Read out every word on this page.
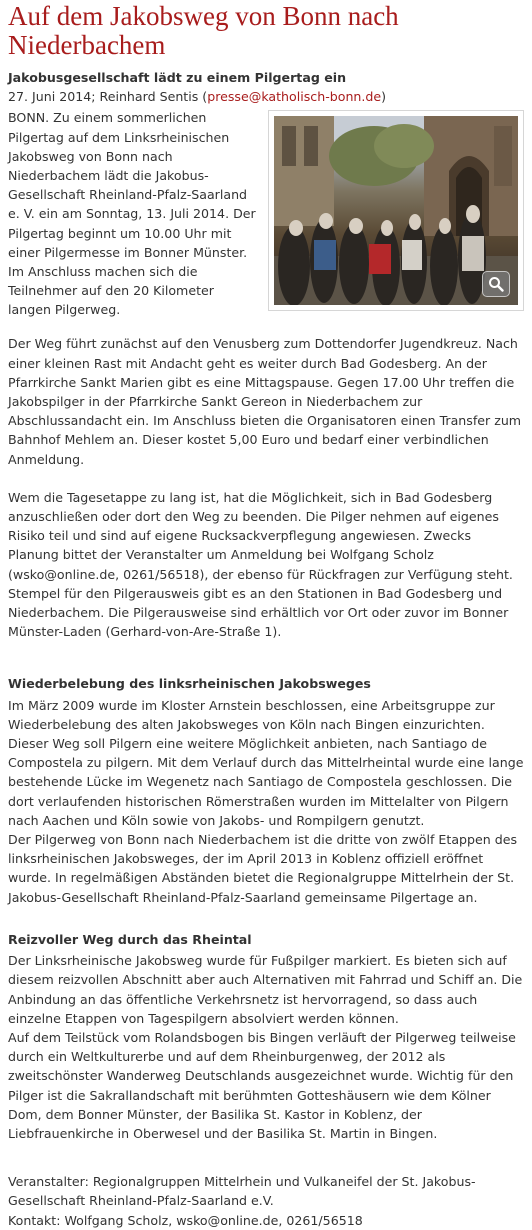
Auf dem Jakobsweg von Bonn nach Niederbachem

Jakobusgesellschaft lädt zu einem Pilgertag ein

27. Juni 2014; Reinhard Sentis (presse@katholisch-bonn.de)

BONN. Zu einem sommerlichen Pilgertag auf dem Linksrheinischen Jakobsweg von Bonn nach Niederbachem lädt die Jakobus-Gesellschaft Rheinland-Pfalz-Saarland e. V. ein am Sonntag, 13. Juli 2014. Der Pilgertag beginnt um 10.00 Uhr mit einer Pilgermesse im Bonner Münster. Im Anschluss machen sich die Teilnehmer auf den 20 Kilometer langen Pilgerweg.

Der Weg führt zunächst auf den Venusberg zum Dottendorfer Jugendkreuz. Nach einer kleinen Rast mit Andacht geht es weiter durch Bad Godesberg. An der Pfarrkirche Sankt Marien gibt es eine Mittagspause. Gegen 17.00 Uhr treffen die Jakobspilger in der Pfarrkirche Sankt Gereon in Niederbachem zur Abschlussandacht ein. Im Anschluss bieten die Organisatoren einen Transfer zum Bahnhof Mehlem an. Dieser kostet 5,00 Euro und bedarf einer verbindlichen Anmeldung.

Wem die Tagesetappe zu lang ist, hat die Möglichkeit, sich in Bad Godesberg anzuschließen oder dort den Weg zu beenden. Die Pilger nehmen auf eigenes Risiko teil und sind auf eigene Rucksackverpflegung angewiesen. Zwecks Planung bittet der Veranstalter um Anmeldung bei Wolfgang Scholz (wsko@online.de, 0261/56518), der ebenso für Rückfragen zur Verfügung steht. Stempel für den Pilgerausweis gibt es an den Stationen in Bad Godesberg und Niederbachem. Die Pilgerausweise sind erhältlich vor Ort oder zuvor im Bonner Münster-Laden (Gerhard-von-Are-Straße 1).

Wiederbelebung des linksrheinischen Jakobsweges

Im März 2009 wurde im Kloster Arnstein beschlossen, eine Arbeitsgruppe zur Wiederbelebung des alten Jakobsweges von Köln nach Bingen einzurichten. Dieser Weg soll Pilgern eine weitere Möglichkeit anbieten, nach Santiago de Compostela zu pilgern. Mit dem Verlauf durch das Mittelrheintal wurde eine lange bestehende Lücke im Wegenetz nach Santiago de Compostela geschlossen. Die dort verlaufenden historischen Römerstraßen wurden im Mittelalter von Pilgern nach Aachen und Köln sowie von Jakobs- und Rompilgern genutzt.

Der Pilgerweg von Bonn nach Niederbachem ist die dritte von zwölf Etappen des linksrheinischen Jakobsweges, der im April 2013 in Koblenz offiziell eröffnet wurde. In regelmäßigen Abständen bietet die Regionalgruppe Mittelrhein der St. Jakobus-Gesellschaft Rheinland-Pfalz-Saarland gemeinsame Pilgertage an.

Reizvoller Weg durch das Rheintal

Der Linksrheinische Jakobsweg wurde für Fußpilger markiert. Es bieten sich auf diesem reizvollen Abschnitt aber auch Alternativen mit Fahrrad und Schiff an. Die Anbindung an das öffentliche Verkehrsnetz ist hervorragend, so dass auch einzelne Etappen von Tagespilgern absolviert werden können.

Auf dem Teilstück vom Rolandsbogen bis Bingen verläuft der Pilgerweg teilweise durch ein Weltkulturerbe und auf dem Rheinburgenweg, der 2012 als zweitschönster Wanderweg Deutschlands ausgezeichnet wurde. Wichtig für den Pilger ist die Sakrallandschaft mit berühmten Gotteshäusern wie dem Kölner Dom, dem Bonner Münster, der Basilika St. Kastor in Koblenz, der Liebfrauenkirche in Oberwesel und der Basilika St. Martin in Bingen.

Veranstalter: Regionalgruppen Mittelrhein und Vulkaneifel der St. Jakobus-Gesellschaft Rheinland-Pfalz-Saarland e.V.

Kontakt: Wolfgang Scholz, wsko@online.de, 0261/56518
